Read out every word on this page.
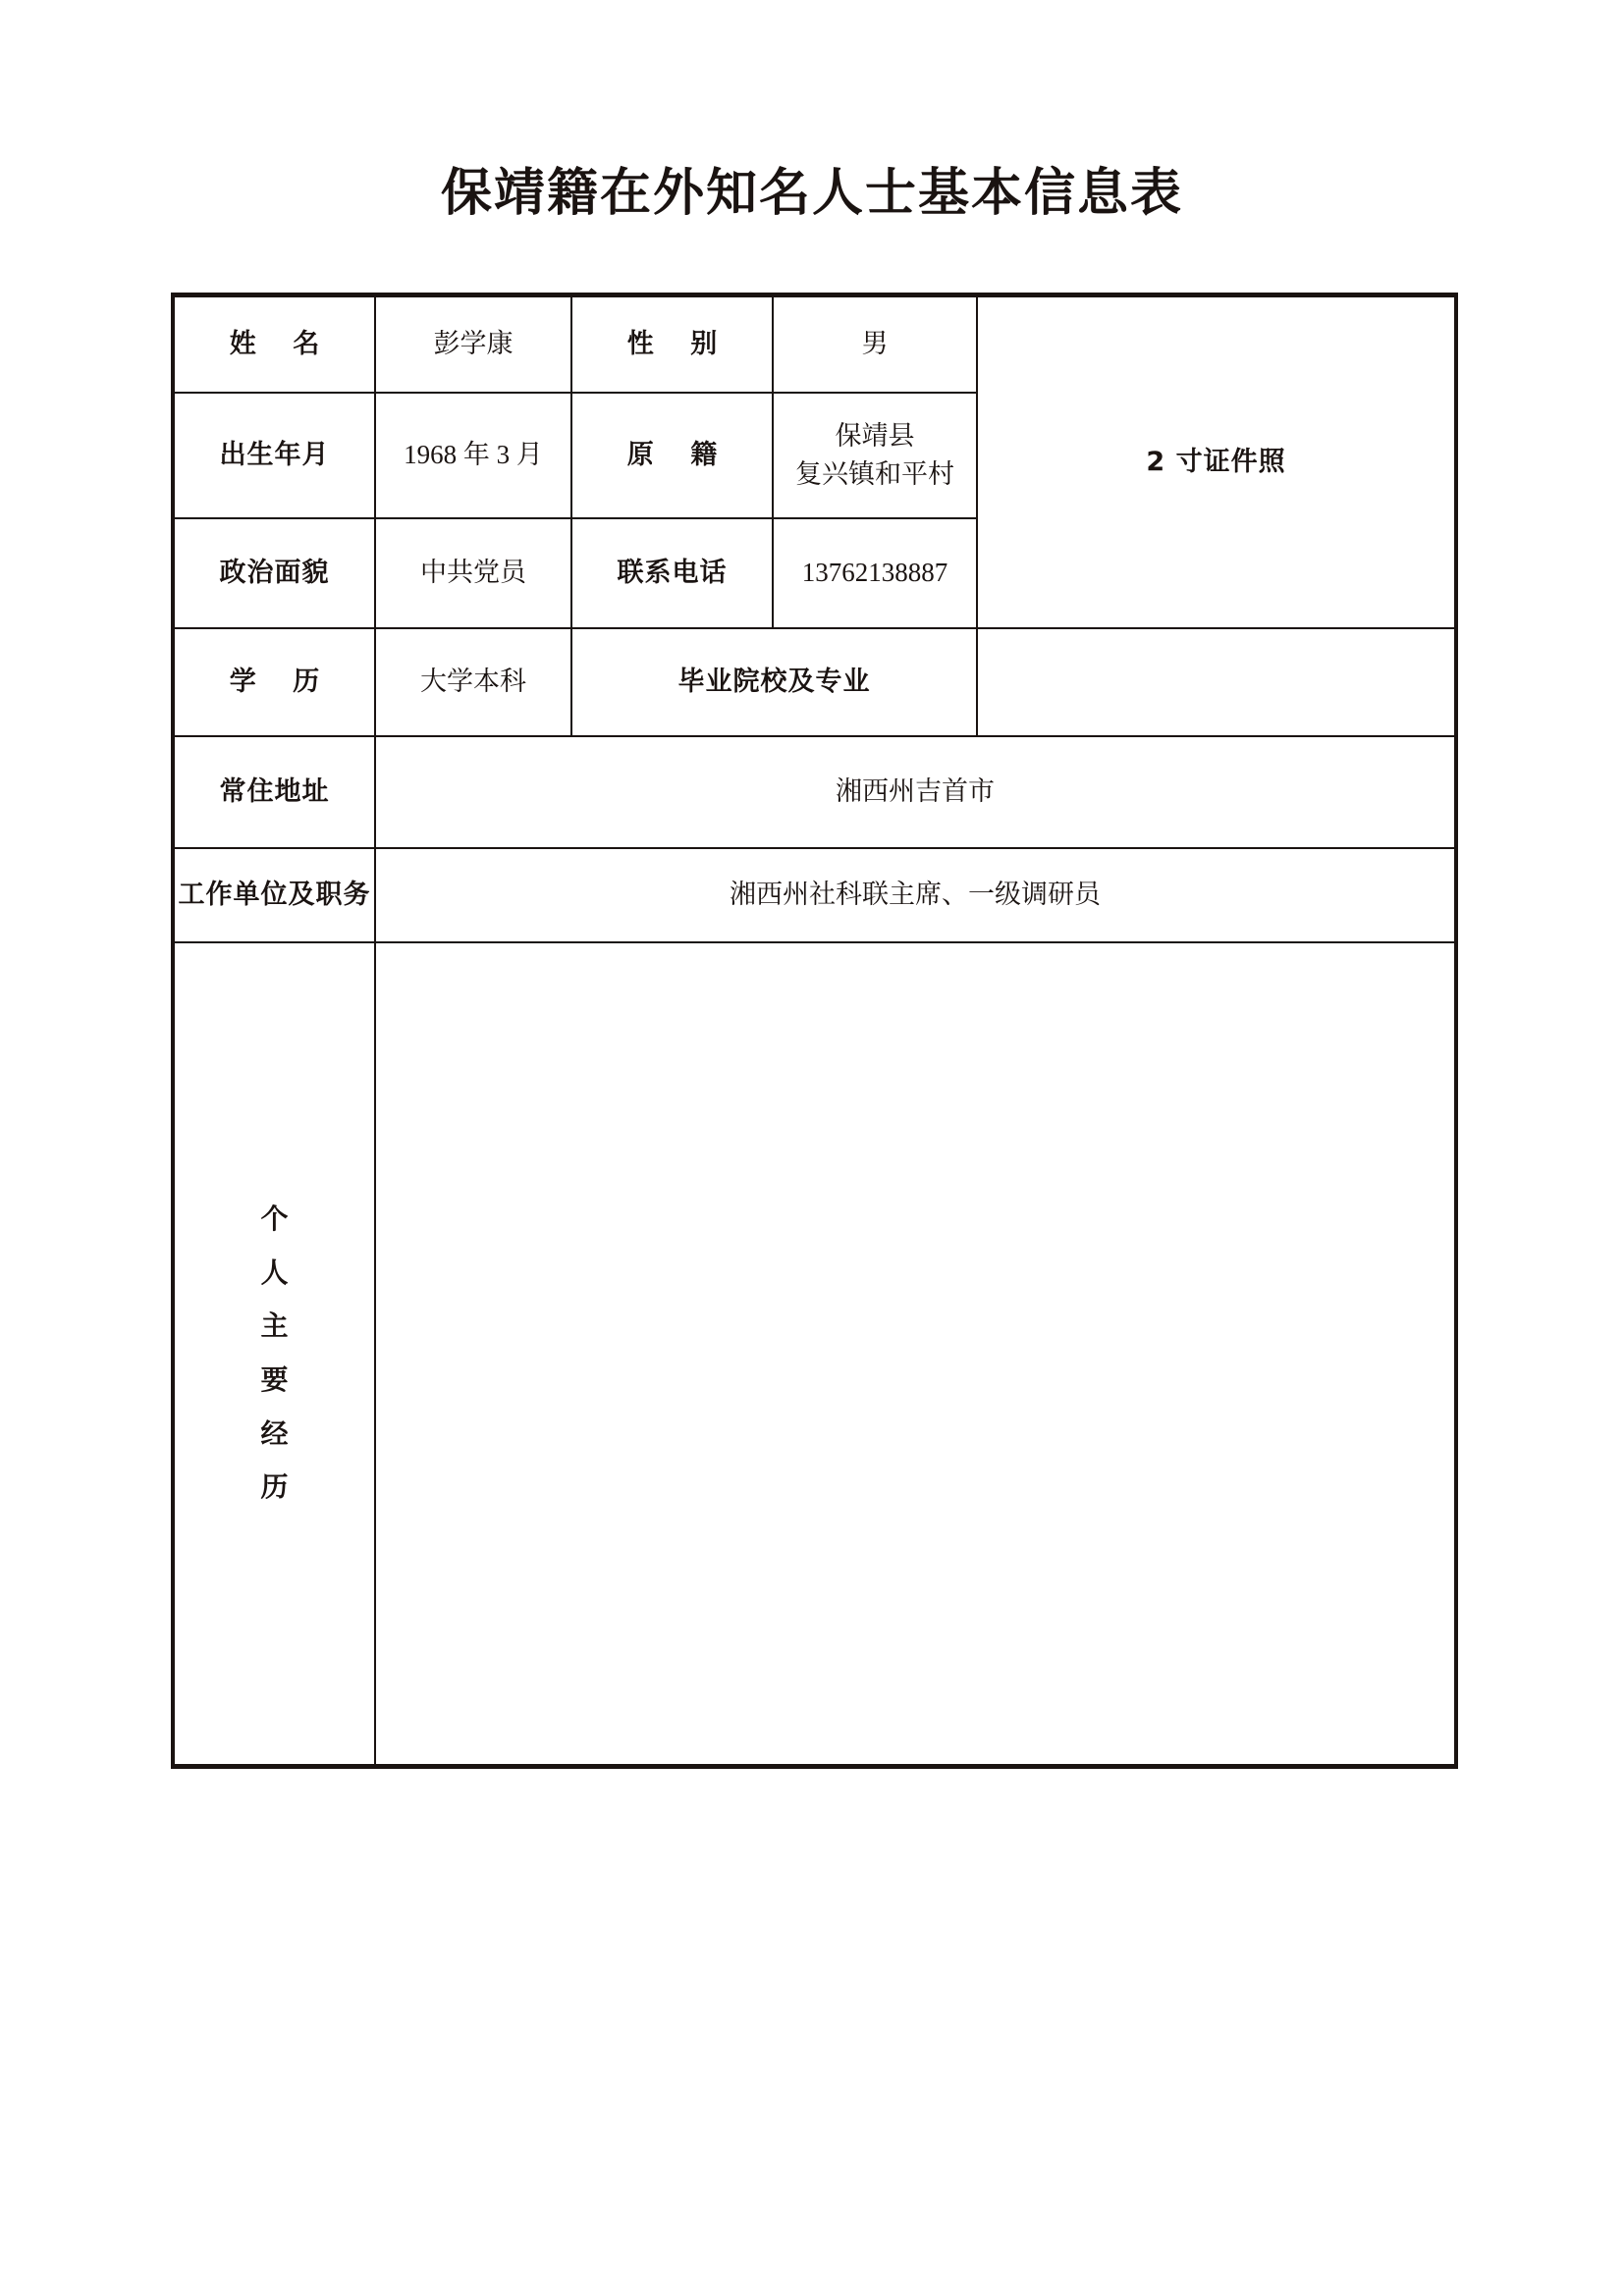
保靖籍在外知名人士基本信息表
姓 名	彭学康	性 别	男	2 寸证件照
出生年月	1968 年 3 月	原 籍	保靖县
复兴镇和平村	

政治面貌	中共党员	联系电话	13762138887	
学 历	大学本科	毕业院校及专业		
常住地址	湘西州吉首市			
工作单位及职务	湘西州社科联主席、一级调研员			

个
人
主
要
经
历
